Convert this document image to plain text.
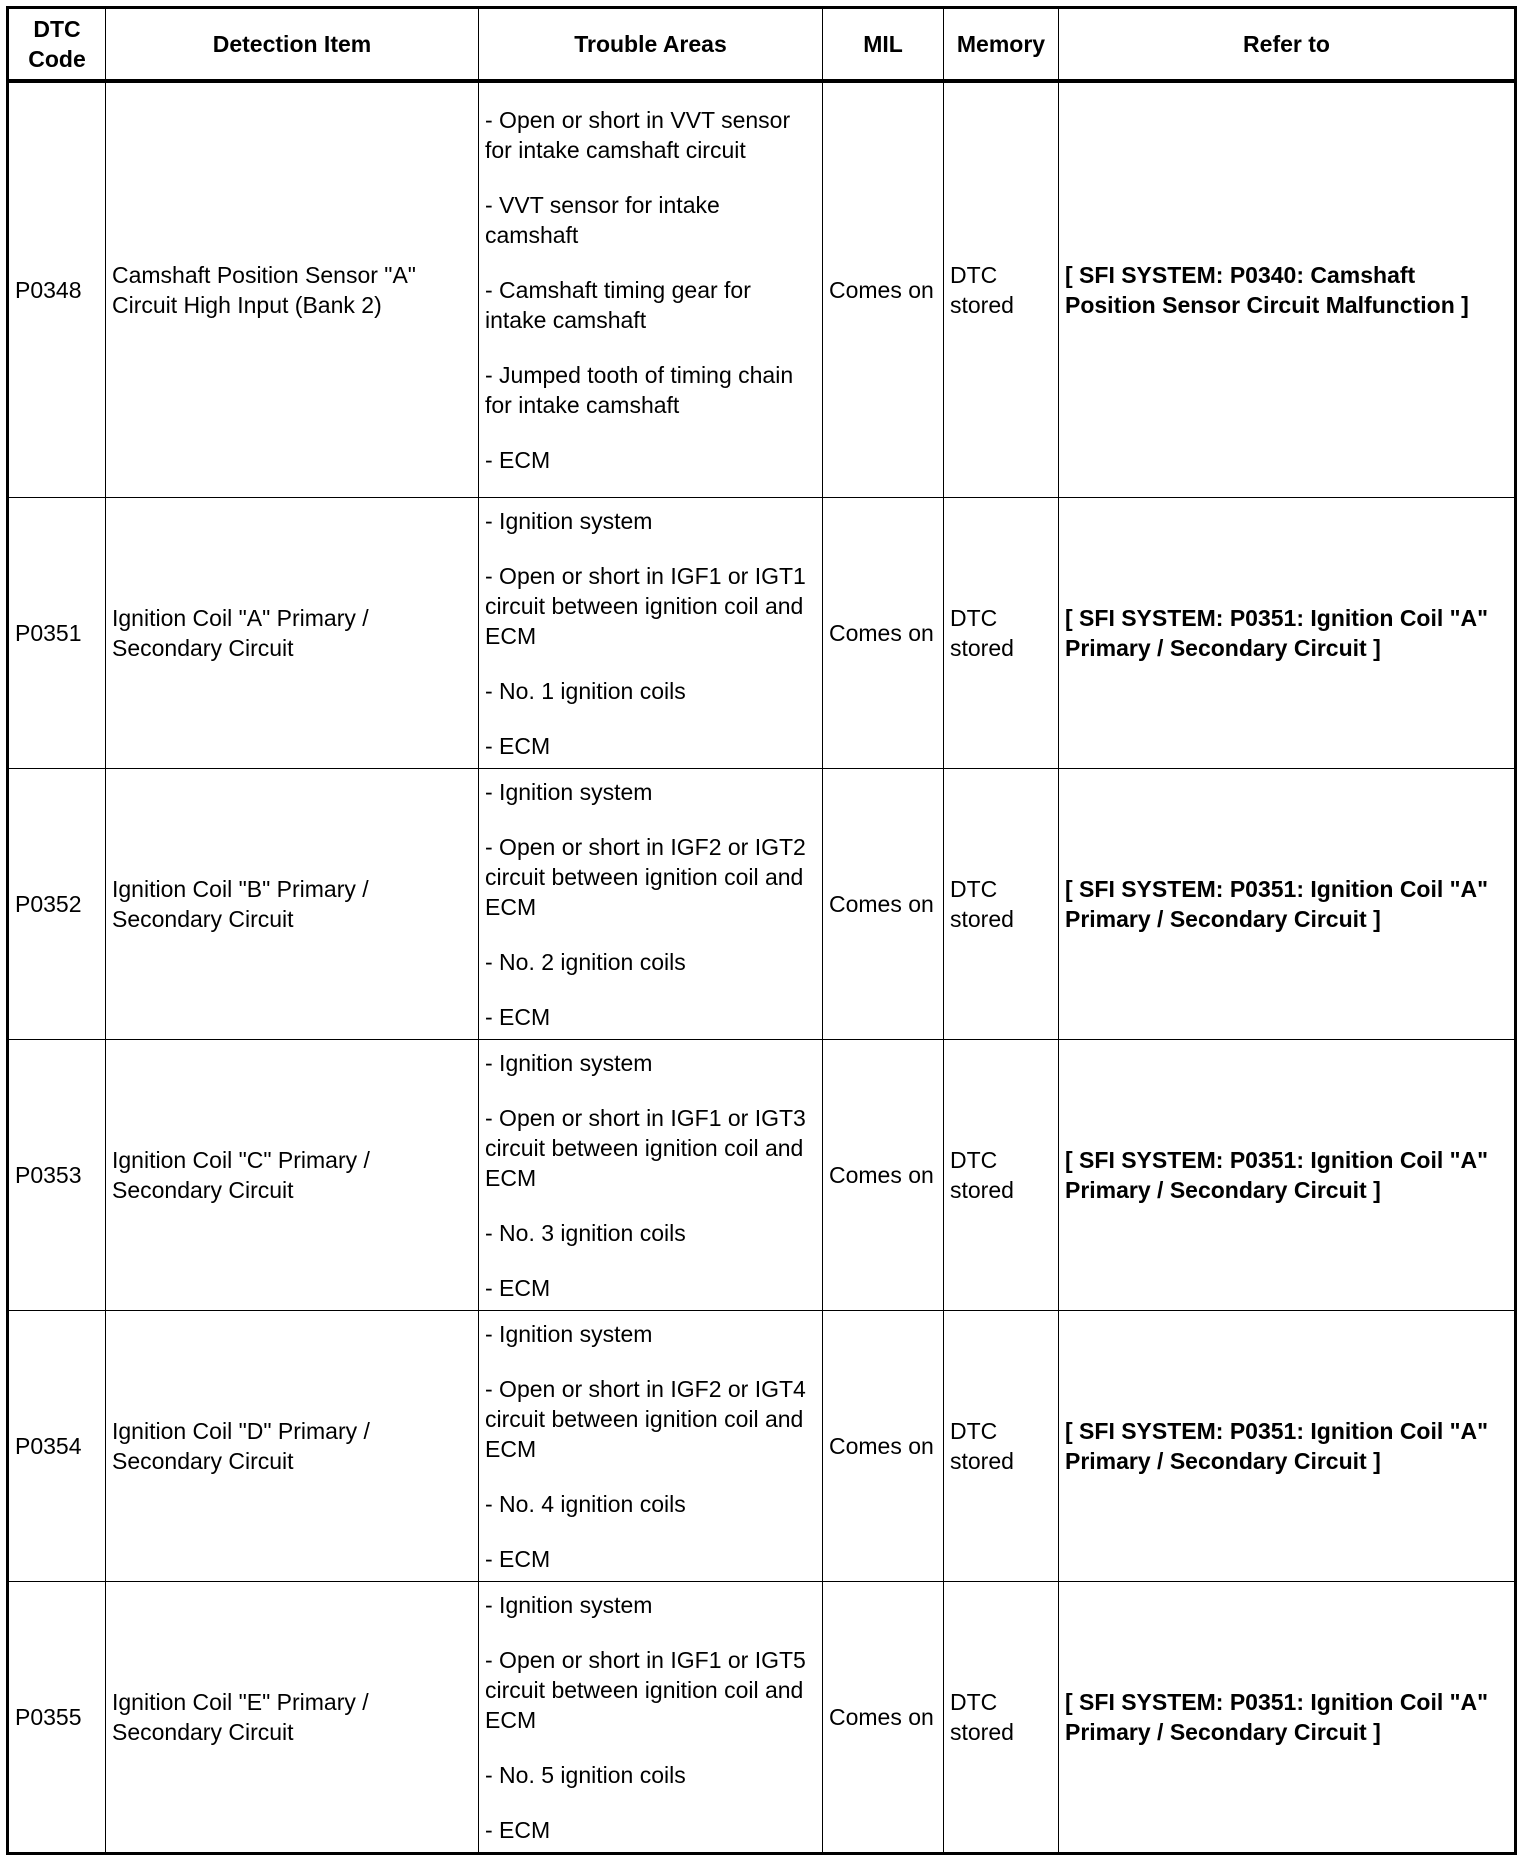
DTC Code	Detection Item	Trouble Areas	MIL	Memory	Refer to
P0348	Camshaft Position Sensor "A" Circuit High Input (Bank 2)	- Open or short in VVT sensor for intake camshaft circuit

- VVT sensor for intake camshaft

- Camshaft timing gear for intake camshaft

- Jumped tooth of timing chain for intake camshaft

- ECM	Comes on	DTC stored	[ SFI SYSTEM: P0340: Camshaft Position Sensor Circuit Malfunction ]
P0351	Ignition Coil "A" Primary / Secondary Circuit	- Ignition system

- Open or short in IGF1 or IGT1 circuit between ignition coil and ECM

- No. 1 ignition coils

- ECM	Comes on	DTC stored	[ SFI SYSTEM: P0351: Ignition Coil "A" Primary / Secondary Circuit ]
P0352	Ignition Coil "B" Primary / Secondary Circuit	- Ignition system

- Open or short in IGF2 or IGT2 circuit between ignition coil and ECM

- No. 2 ignition coils

- ECM	Comes on	DTC stored	[ SFI SYSTEM: P0351: Ignition Coil "A" Primary / Secondary Circuit ]
P0353	Ignition Coil "C" Primary / Secondary Circuit	- Ignition system

- Open or short in IGF1 or IGT3 circuit between ignition coil and ECM

- No. 3 ignition coils

- ECM	Comes on	DTC stored	[ SFI SYSTEM: P0351: Ignition Coil "A" Primary / Secondary Circuit ]
P0354	Ignition Coil "D" Primary / Secondary Circuit	- Ignition system

- Open or short in IGF2 or IGT4 circuit between ignition coil and ECM

- No. 4 ignition coils

- ECM	Comes on	DTC stored	[ SFI SYSTEM: P0351: Ignition Coil "A" Primary / Secondary Circuit ]
P0355	Ignition Coil "E" Primary / Secondary Circuit	- Ignition system

- Open or short in IGF1 or IGT5 circuit between ignition coil and ECM

- No. 5 ignition coils

- ECM	Comes on	DTC stored	[ SFI SYSTEM: P0351: Ignition Coil "A" Primary / Secondary Circuit ]
